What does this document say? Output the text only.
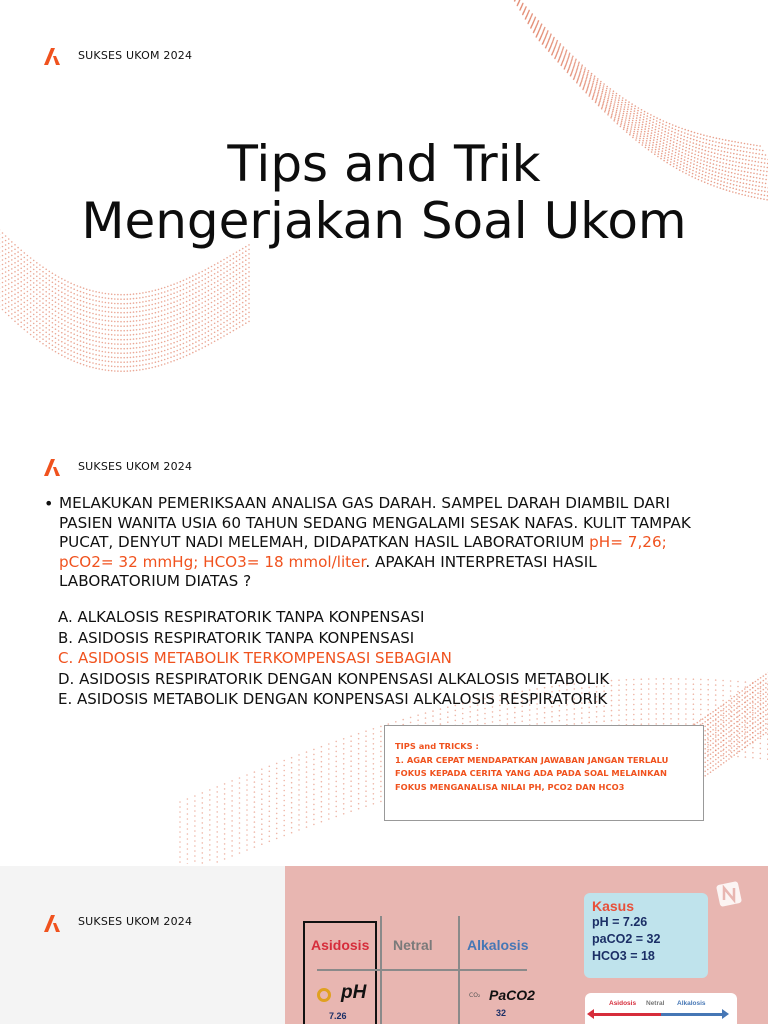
SUKSES UKOM 2024
Tips and Trik
Mengerjakan Soal Ukom
SUKSES UKOM 2024
• MELAKUKAN PEMERIKSAAN ANALISA GAS DARAH. SAMPEL DARAH DIAMBIL DARI PASIEN WANITA USIA 60 TAHUN SEDANG MENGALAMI SESAK NAFAS. KULIT TAMPAK PUCAT, DENYUT NADI MELEMAH, DIDAPATKAN HASIL LABORATORIUM pH= 7,26; pCO2= 32 mmHg; HCO3= 18 mmol/liter. APAKAH INTERPRETASI HASIL LABORATORIUM DIATAS ?
A. ALKALOSIS RESPIRATORIK TANPA KONPENSASI
B. ASIDOSIS RESPIRATORIK TANPA KONPENSASI
C. ASIDOSIS METABOLIK TERKOMPENSASI SEBAGIAN
D. ASIDOSIS RESPIRATORIK DENGAN KONPENSASI ALKALOSIS METABOLIK
E. ASIDOSIS METABOLIK DENGAN KONPENSASI ALKALOSIS RESPIRATORIK
TIPS and TRICKS :
1. AGAR CEPAT MENDAPATKAN JAWABAN JANGAN TERLALU FOKUS KEPADA CERITA YANG ADA PADA SOAL MELAINKAN FOKUS MENGANALISA NILAI PH, PCO2 DAN HCO3
SUKSES UKOM 2024
Asidosis Netral Alkalosis
pH
7.26
CO₂ PaCO2
32
Kasus
pH = 7.26
paCO2 = 32
HCO3 = 18
Asidosis Netral Alkalosis
